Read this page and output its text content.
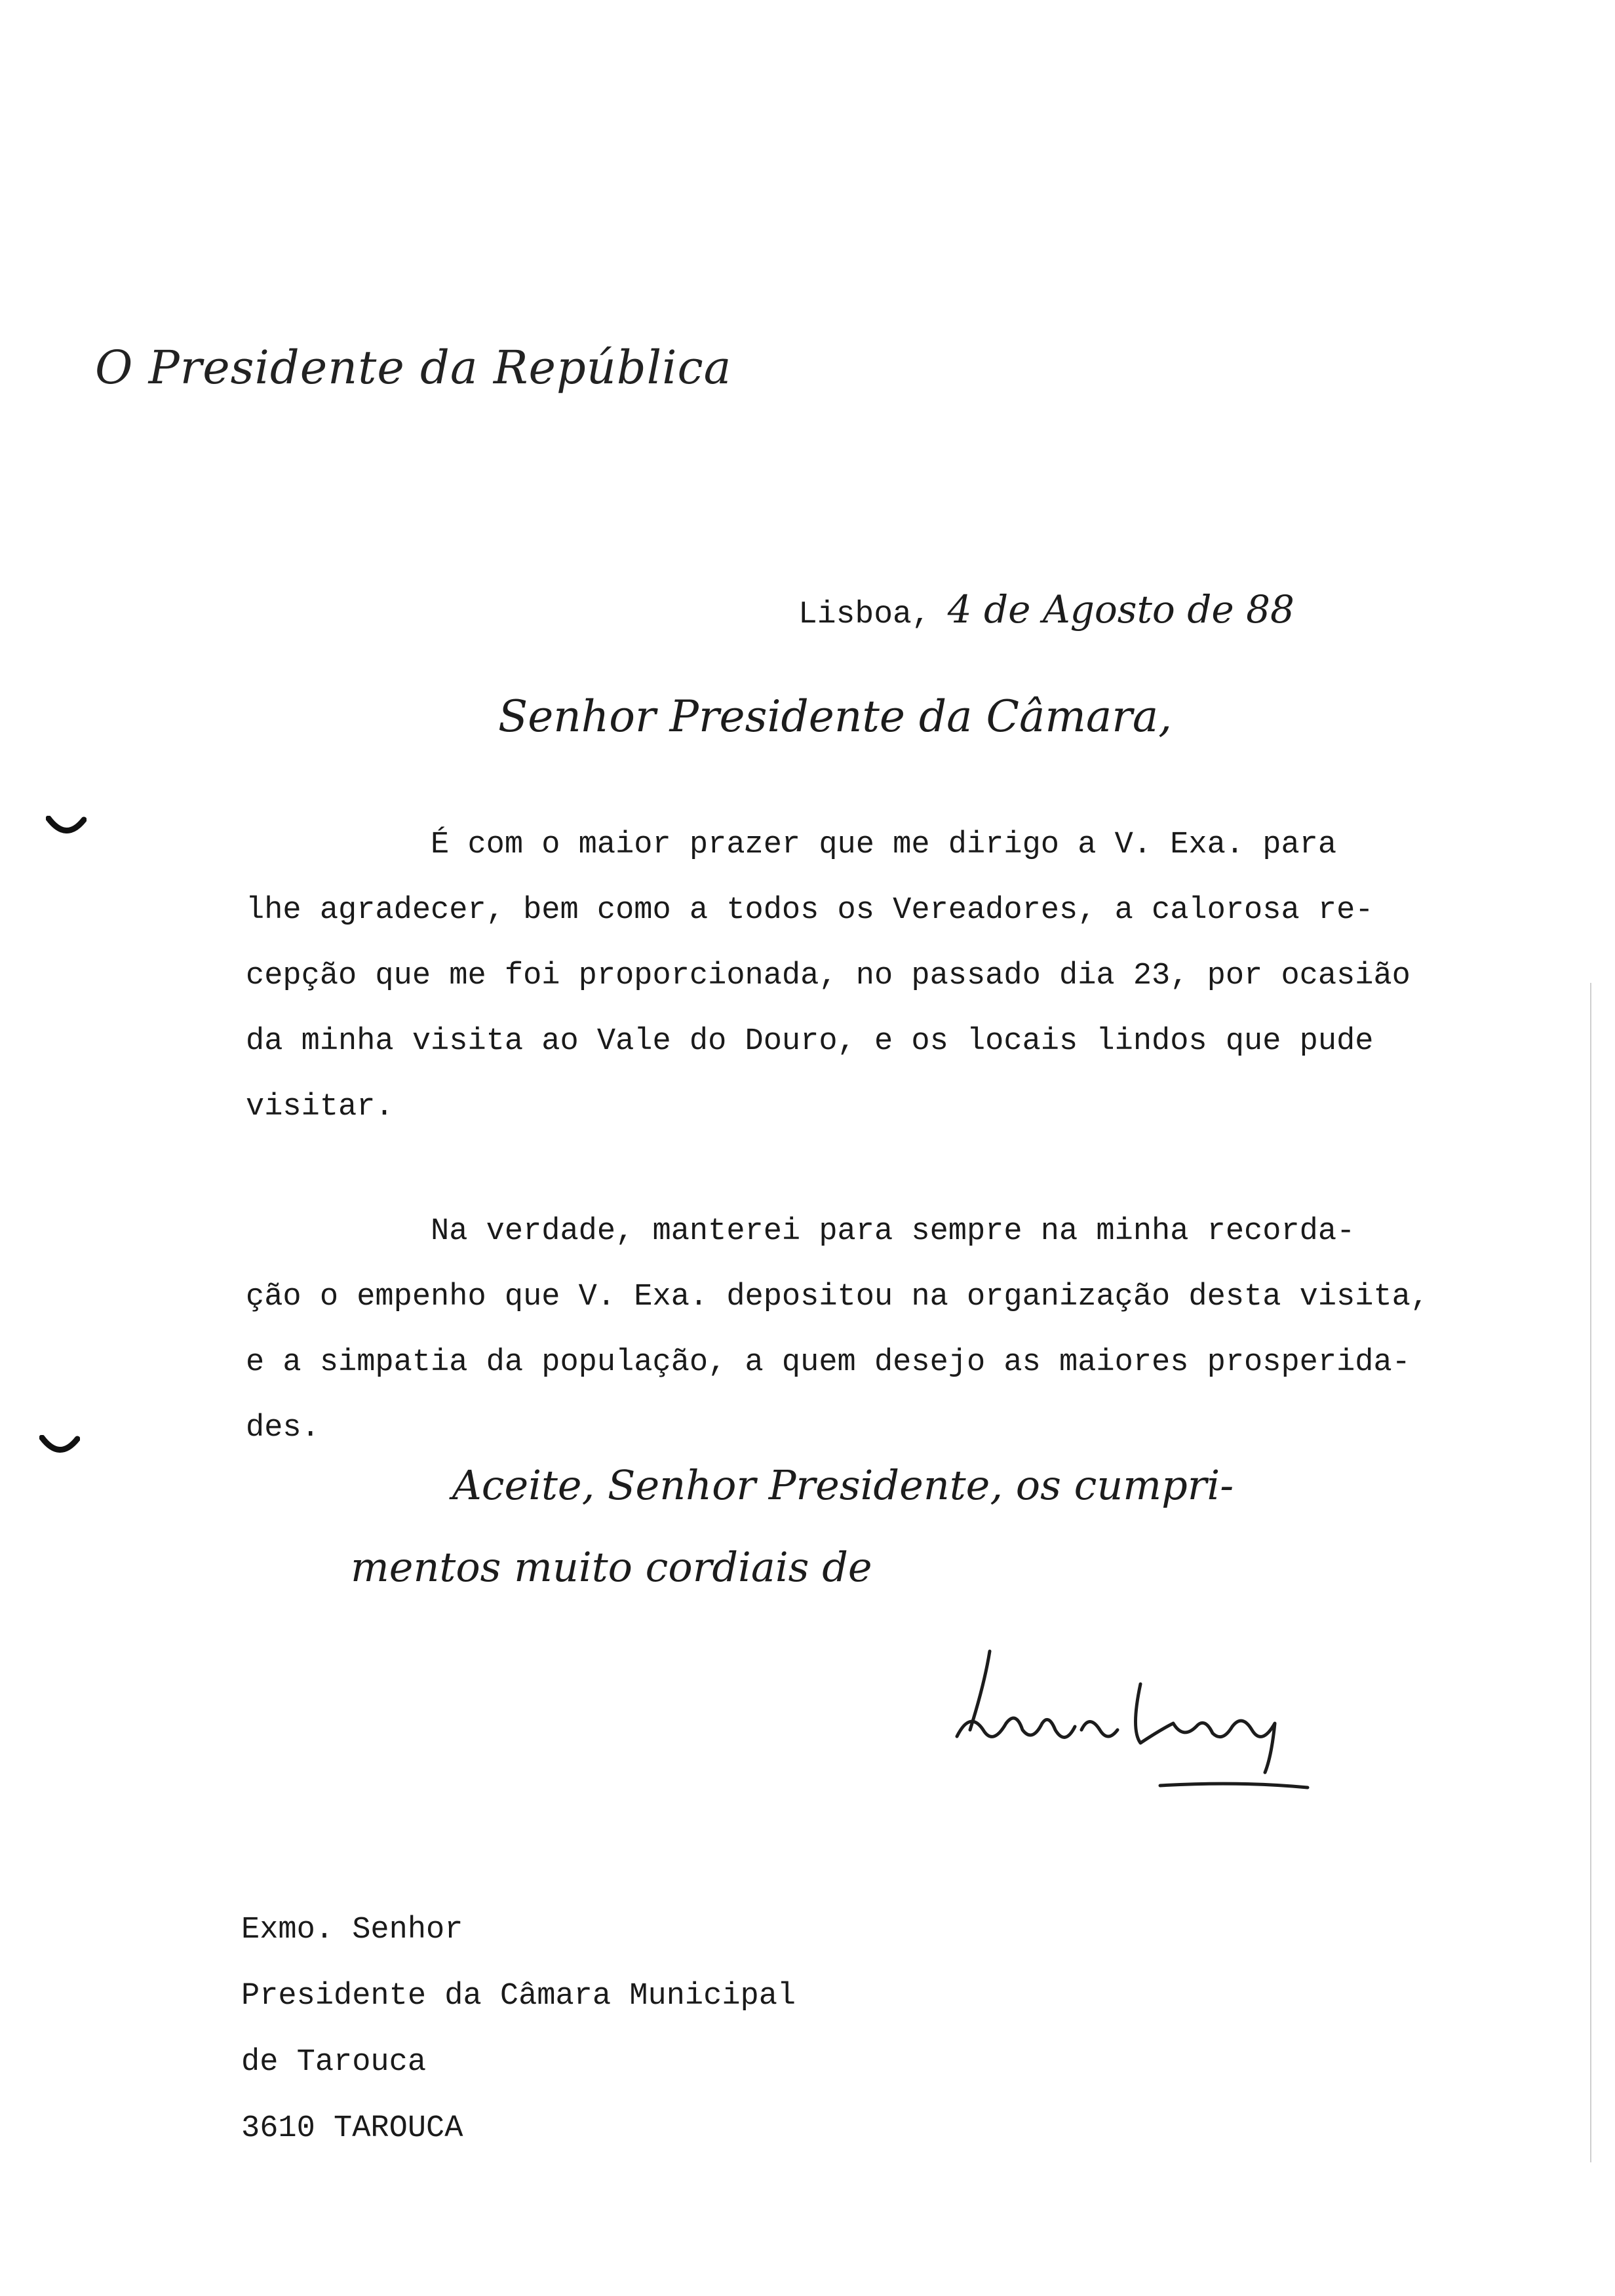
O Presidente da República
Lisboa, 4 de Agosto de 88
Senhor Presidente da Câmara,
É com o maior prazer que me dirigo a V. Exa. para
lhe agradecer, bem como a todos os Vereadores, a calorosa re-
cepção que me foi proporcionada, no passado dia 23, por ocasião
da minha visita ao Vale do Douro, e os locais lindos que pude
visitar.
Na verdade, manterei para sempre na minha recorda-
ção o empenho que V. Exa. depositou na organização desta visita,
e a simpatia da população, a quem desejo as maiores prosperida-
des.
Aceite, Senhor Presidente, os cumpri-
mentos muito cordiais de
Exmo. Senhor
Presidente da Câmara Municipal
de Tarouca
3610 TAROUCA
